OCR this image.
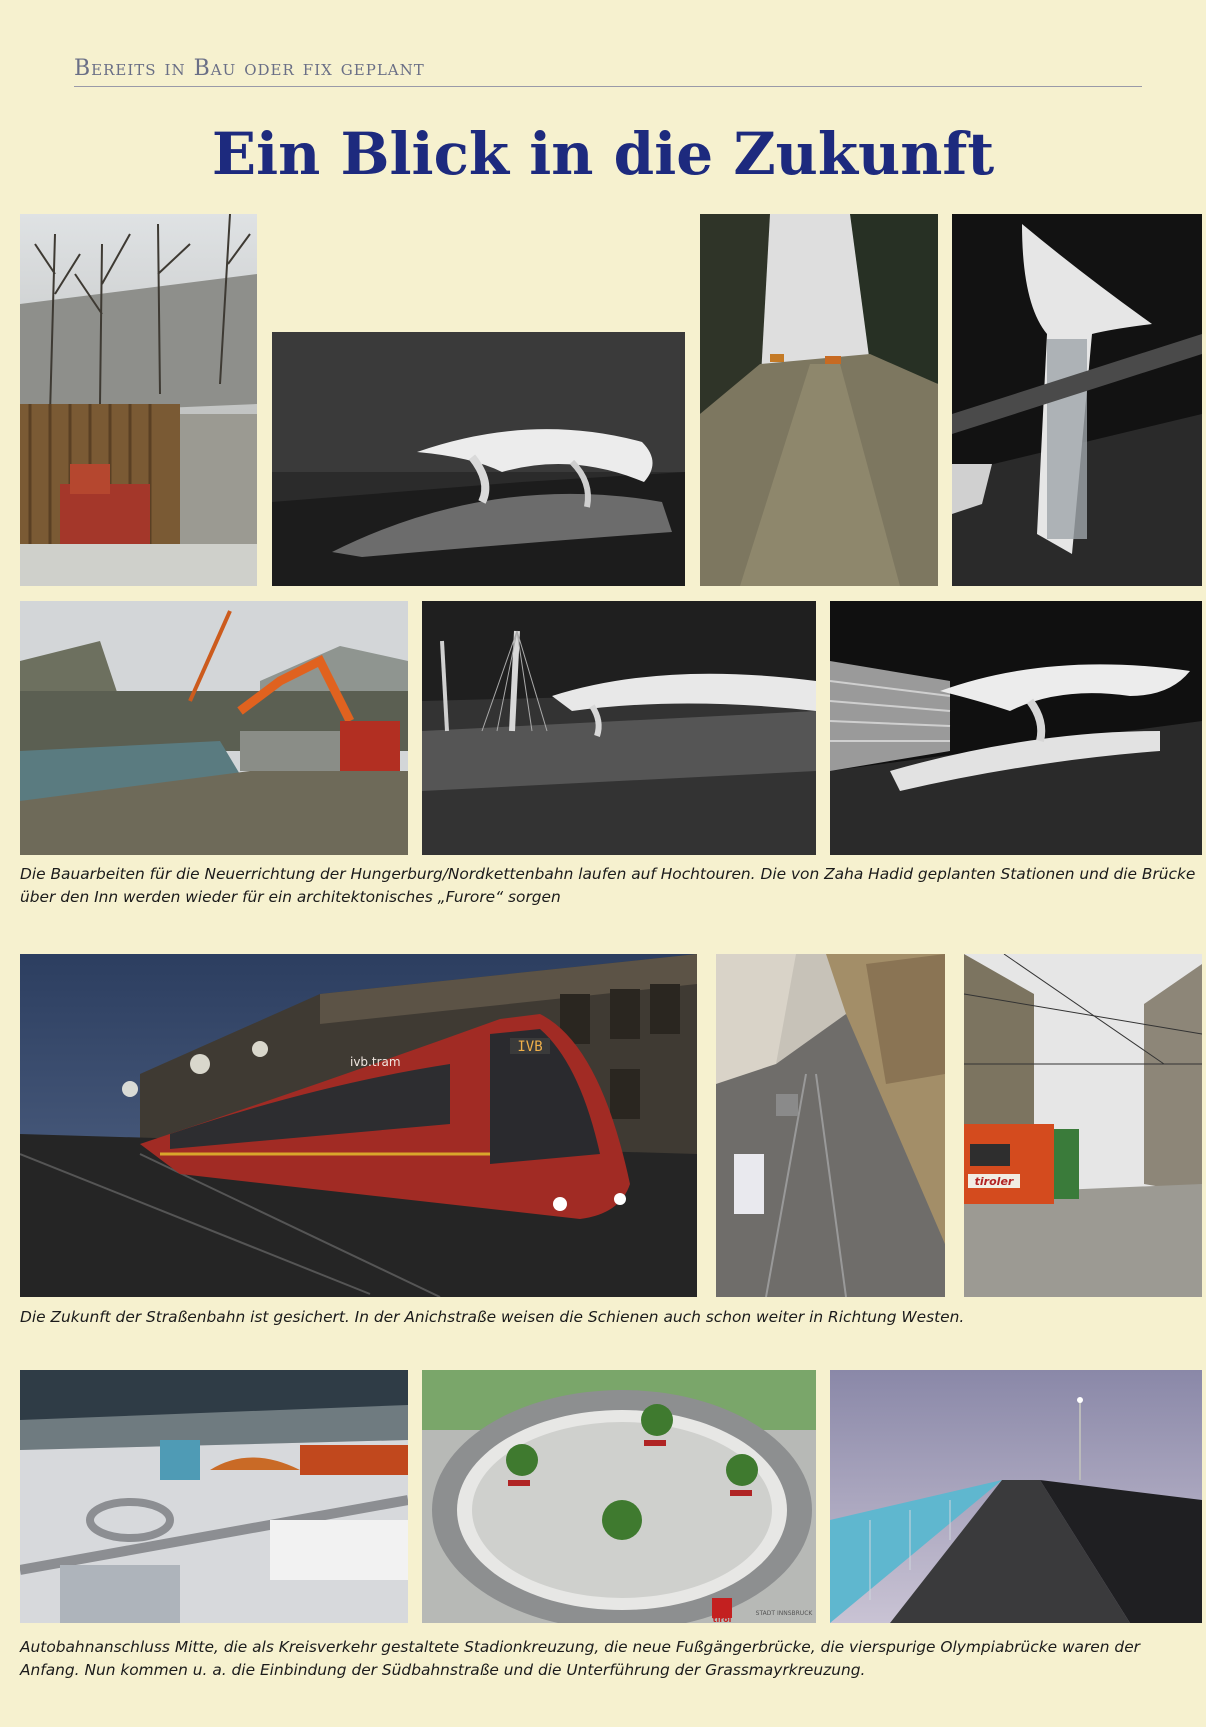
Bereits in Bau oder fix geplant
Ein Blick in die Zukunft
Die Bauarbeiten für die Neuerrichtung der Hungerburg/Nordkettenbahn laufen auf Hochtouren. Die von Zaha Hadid geplanten Stationen und die Brücke über den Inn werden wieder für ein architektonisches „Furore“ sorgen
IVB
ivb.tram
tiroler
Die Zukunft der Straßenbahn ist gesichert. In der Anichstraße weisen die Schienen auch schon weiter in Richtung Westen.
tirol
STADT INNSBRUCK
Autobahnanschluss Mitte, die als Kreisverkehr gestaltete Stadionkreuzung, die neue Fußgängerbrücke, die vierspurige Olympiabrücke waren der Anfang. Nun kommen u. a. die Einbindung der Südbahnstraße und die Unterführung der Grassmayrkreuzung.
